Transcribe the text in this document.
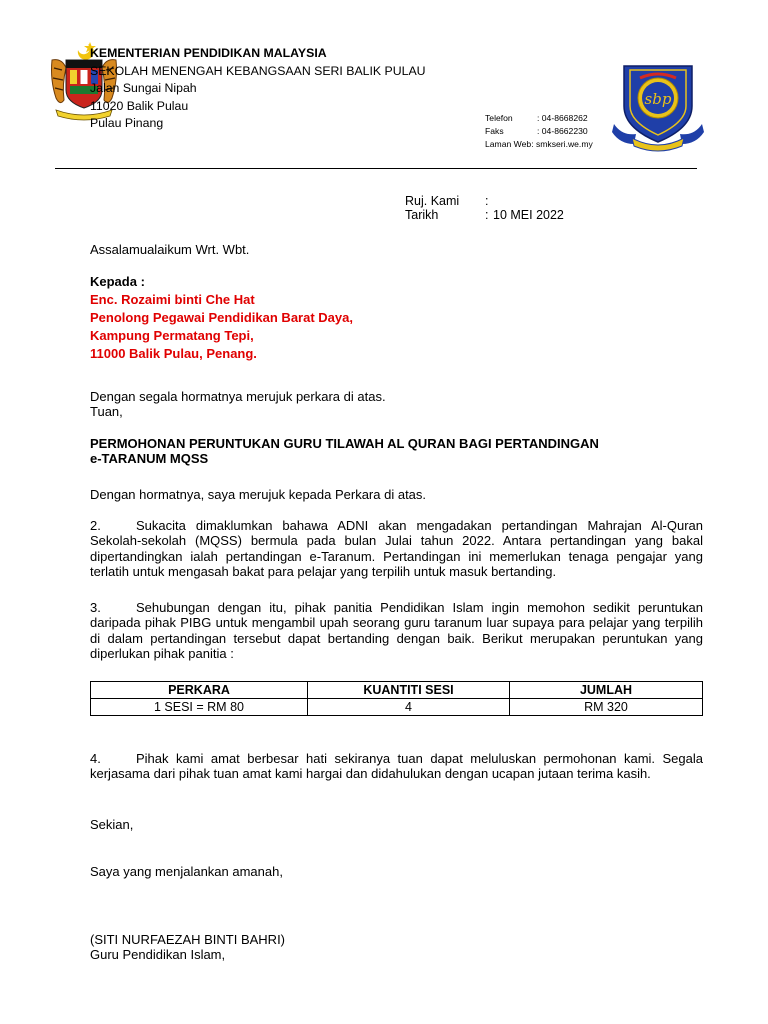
sbp
KEMENTERIAN PENDIDIKAN MALAYSIA
SEKOLAH MENENGAH KEBANGSAAN SERI BALIK PULAU
Jalan Sungai Nipah
11020 Balik Pulau
Pulau Pinang	Telefon	: 04-8668262
Faks	: 04-8662230
Laman Web : smkseri.we.my
Ruj. Kami	:
Tarikh	: 10 MEI 2022
Assalamualaikum Wrt. Wbt.
Kepada :
Enc. Rozaimi binti Che Hat
Penolong Pegawai Pendidikan Barat Daya,
Kampung Permatang Tepi,
11000 Balik Pulau, Penang.
Dengan segala hormatnya merujuk perkara di atas.
Tuan,
PERMOHONAN PERUNTUKAN GURU TILAWAH AL QURAN BAGI PERTANDINGAN
e-TARANUM MQSS
Dengan hormatnya, saya merujuk kepada Perkara di atas.
2.	Sukacita dimaklumkan bahawa ADNI akan mengadakan pertandingan Mahrajan Al-Quran Sekolah-sekolah (MQSS) bermula pada bulan Julai tahun 2022. Antara pertandingan yang bakal dipertandingkan ialah pertandingan e-Taranum. Pertandingan ini memerlukan tenaga pengajar yang terlatih untuk mengasah bakat para pelajar yang terpilih untuk masuk bertanding.
3.	Sehubungan dengan itu, pihak panitia Pendidikan Islam ingin memohon sedikit peruntukan daripada pihak PIBG untuk mengambil upah seorang guru taranum luar supaya para pelajar yang terpilih di dalam pertandingan tersebut dapat bertanding dengan baik. Berikut merupakan peruntukan yang diperlukan pihak panitia :
PERKARA	KUANTITI SESI	JUMLAH
1 SESI = RM 80	4	RM 320
4.	Pihak kami amat berbesar hati sekiranya tuan dapat meluluskan permohonan kami. Segala kerjasama dari pihak tuan amat kami hargai dan didahulukan dengan ucapan jutaan terima kasih.
Sekian,
Saya yang menjalankan amanah,
(SITI NURFAEZAH BINTI BAHRI)
Guru Pendidikan Islam,
